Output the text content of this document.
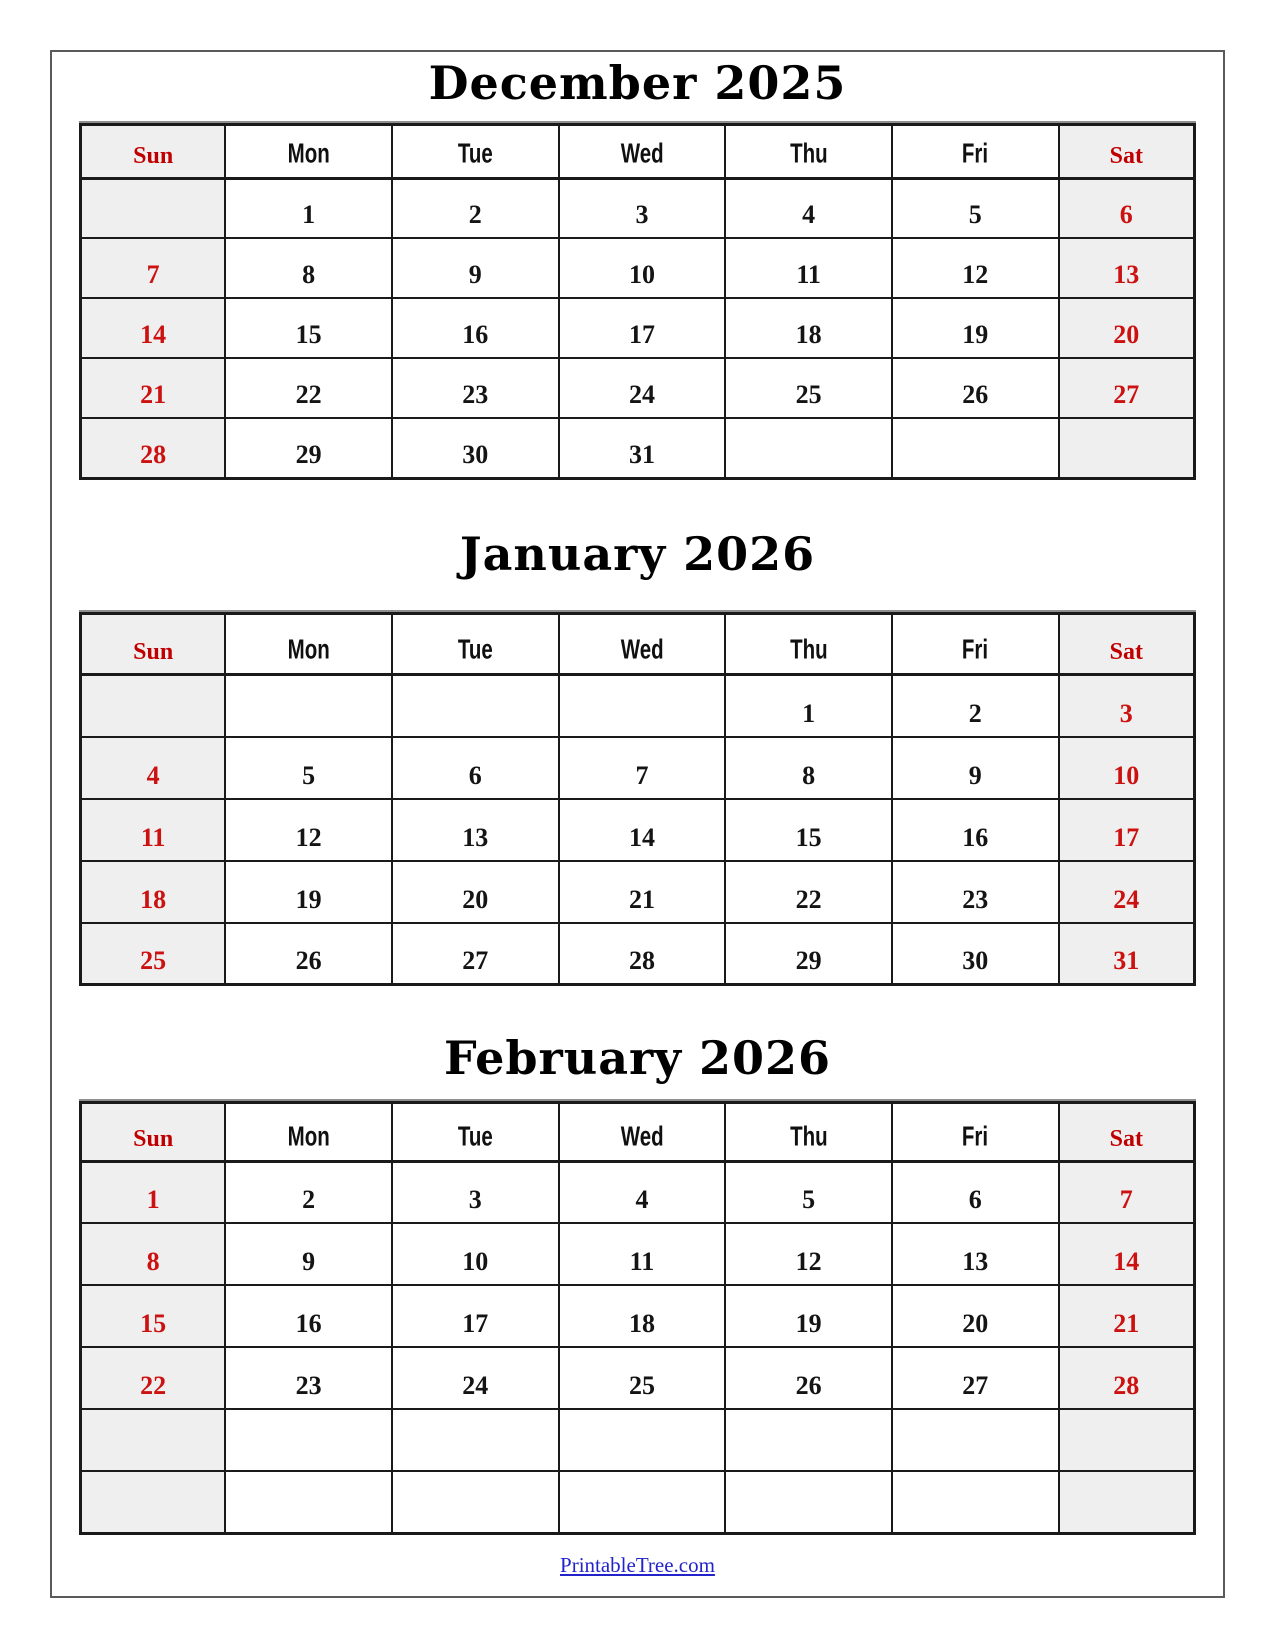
December 2025
Sun	Mon	Tue	Wed	Thu	Fri	Sat
	1	2	3	4	5	6
7	8	9	10	11	12	13
14	15	16	17	18	19	20
21	22	23	24	25	26	27
28	29	30	31			
January 2026
Sun	Mon	Tue	Wed	Thu	Fri	Sat
				1	2	3
4	5	6	7	8	9	10
11	12	13	14	15	16	17
18	19	20	21	22	23	24
25	26	27	28	29	30	31
February 2026
Sun	Mon	Tue	Wed	Thu	Fri	Sat
1	2	3	4	5	6	7
8	9	10	11	12	13	14
15	16	17	18	19	20	21
22	23	24	25	26	27	28

PrintableTree.com
